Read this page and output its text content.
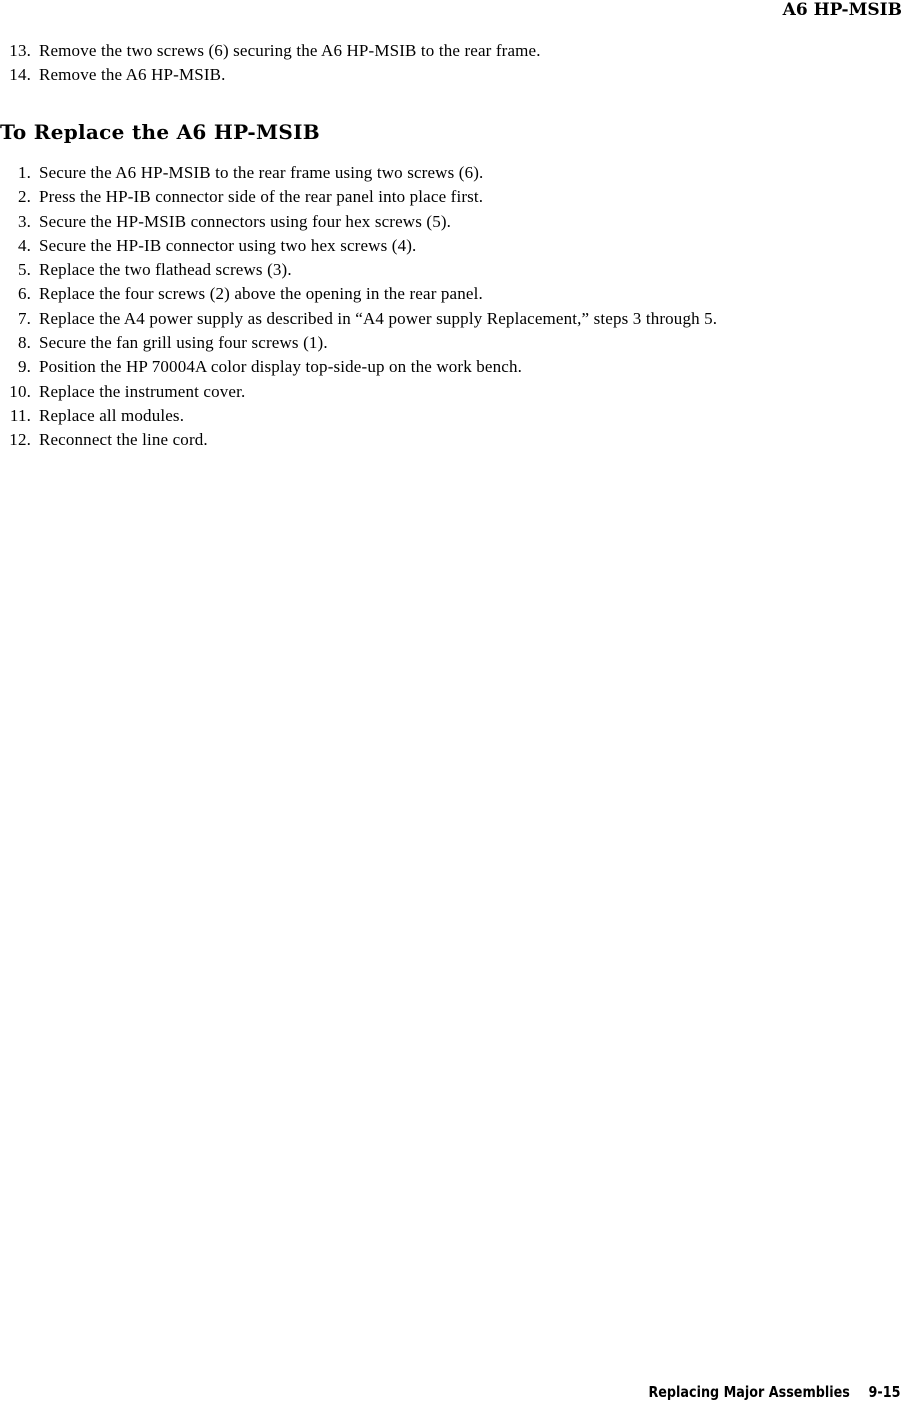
A6 HP-MSIB
13. Remove the two screws (6) securing the A6 HP-MSIB to the rear frame.
14. Remove the A6 HP-MSIB.
To Replace the A6 HP-MSIB
1. Secure the A6 HP-MSIB to the rear frame using two screws (6).
2. Press the HP-IB connector side of the rear panel into place first.
3. Secure the HP-MSIB connectors using four hex screws (5).
4. Secure the HP-IB connector using two hex screws (4).
5. Replace the two flathead screws (3).
6. Replace the four screws (2) above the opening in the rear panel.
7. Replace the A4 power supply as described in “A4 power supply Replacement,” steps 3 through 5.
8. Secure the fan grill using four screws (1).
9. Position the HP 70004A color display top-side-up on the work bench.
10. Replace the instrument cover.
11. Replace all modules.
12. Reconnect the line cord.
Replacing Major Assemblies 9-15
